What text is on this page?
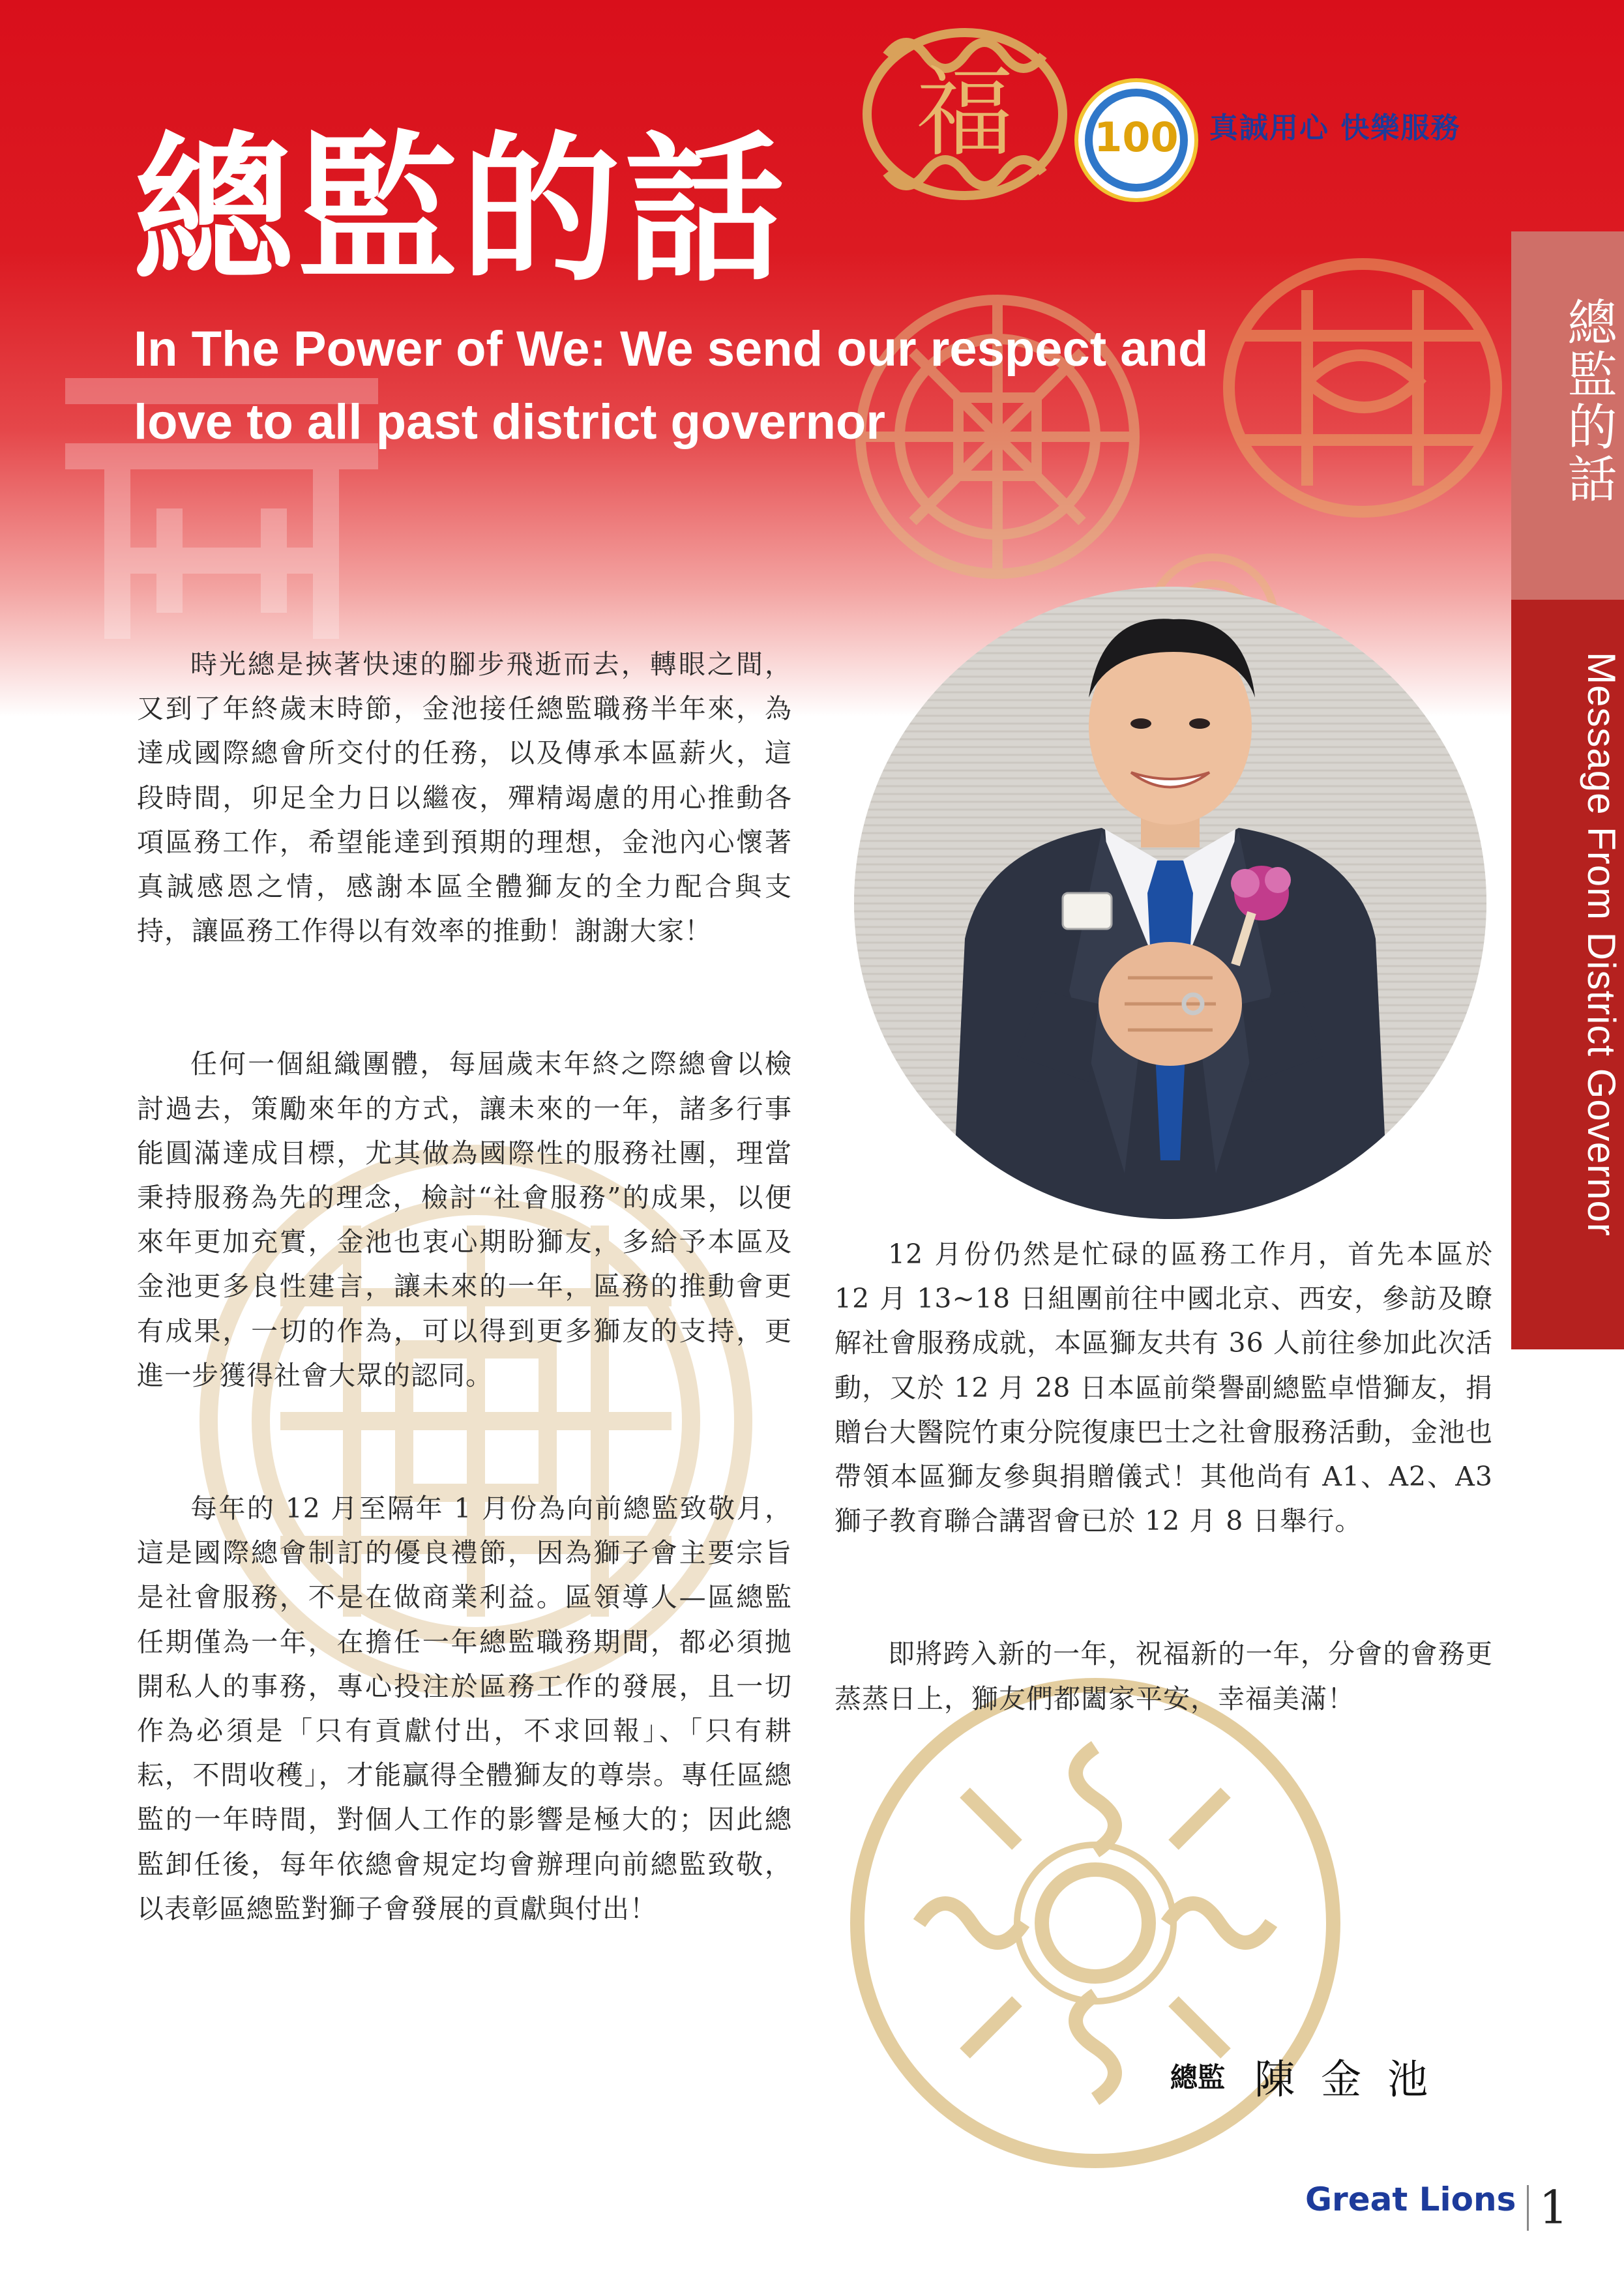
福	100	真誠用心 快樂服務
總監的話
In The Power of We: We send our respect and love to all past district governor	總監的話
Message From District Governor

時光總是挾著快速的腳步飛逝而去，轉眼之間，又到了年終歲末時節，金池接任總監職務半年來，為達成國際總會所交付的任務，以及傳承本區薪火，這段時間，卯足全力日以繼夜，殫精竭慮的用心推動各項區務工作，希望能達到預期的理想，金池內心懷著真誠感恩之情，感謝本區全體獅友的全力配合與支持，讓區務工作得以有效率的推動！謝謝大家！

任何一個組織團體，每屆歲末年終之際總會以檢討過去，策勵來年的方式，讓未來的一年，諸多行事能圓滿達成目標，尤其做為國際性的服務社團，理當秉持服務為先的理念，檢討“社會服務”的成果，以便來年更加充實，金池也衷心期盼獅友，多給予本區及金池更多良性建言，讓未來的一年，區務的推動會更有成果，一切的作為，可以得到更多獅友的支持，更進一步獲得社會大眾的認同。

每年的 12 月至隔年 1 月份為向前總監致敬月，這是國際總會制訂的優良禮節，因為獅子會主要宗旨是社會服務，不是在做商業利益。區領導人—區總監任期僅為一年，在擔任一年總監職務期間，都必須拋開私人的事務，專心投注於區務工作的發展，且一切作為必須是「只有貢獻付出，不求回報」、「只有耕耘，不問收穫」，才能贏得全體獅友的尊崇。專任區總監的一年時間，對個人工作的影響是極大的；因此總監卸任後，每年依總會規定均會辦理向前總監致敬，以表彰區總監對獅子會發展的貢獻與付出！

12 月份仍然是忙碌的區務工作月，首先本區於 12 月 13~18 日組團前往中國北京、西安，參訪及瞭解社會服務成就，本區獅友共有 36 人前往參加此次活動，又於 12 月 28 日本區前榮譽副總監卓惜獅友，捐贈台大醫院竹東分院復康巴士之社會服務活動，金池也帶領本區獅友參與捐贈儀式！其他尚有 A1、A2、A3 獅子教育聯合講習會已於 12 月 8 日舉行。

即將跨入新的一年，祝福新的一年，分會的會務更蒸蒸日上，獅友們都闔家平安，幸福美滿！

總監 陳金池
Great Lions 1
